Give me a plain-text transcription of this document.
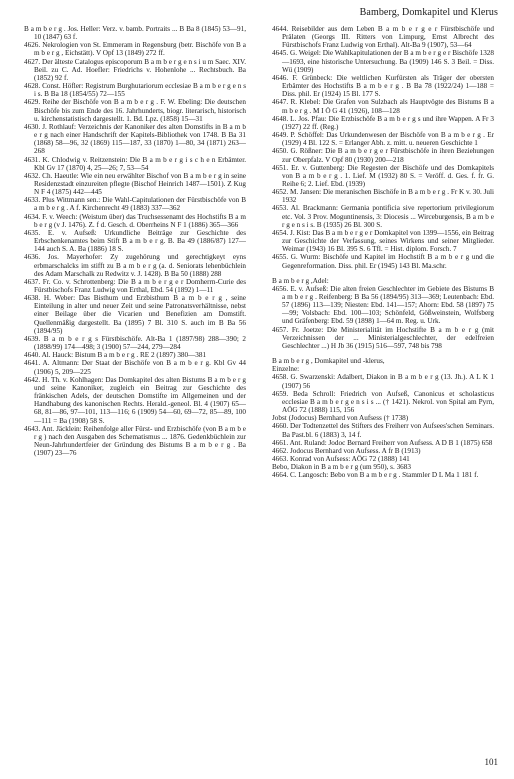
Bamberg, Domkapitel und Klerus

B a m b e r g . Jos. Heller: Verz. v. bamb. Portraits ... B Ba 8 (1845) 53—91, 10 (1847) 63 f.

4626. Nekrologien von St. Emmeram in Regensburg (betr. Bischöfe von B a m b e r g , Eichstätt). V Opf 13 (1849) 272 ff.

4627. Der älteste Catalogus episcoporum B a m b e r g e n s i u m Saec. XIV. Beil. zu C. Ad. Hoefler: Friedrichs v. Hohenlohe ... Rechtsbuch. Ba (1852) 92 f.

4628. Const. Höfler: Registrum Burghutariorum ecclesiae B a m b e r g e n s i s. B Ba 18 (1854/55) 72—155

4629. Reihe der Bischöfe von B a m b e r g . F. W. Ebeling: Die deutschen Bischöfe bis zum Ende des 16. Jahrhunderts, biogr. literarisch, historisch u. kirchenstatistisch dargestellt. 1. Bd. Lpz. (1858) 15—31

4630. J. Rothlauf: Verzeichnis der Kanoniker des alten Domstifts in B a m b e r g nach einer Handschrift der Kapitels-Bibliothek von 1748. B Ba 31 (1868) 58—96, 32 (1869) 115—187, 33 (1870) 1—80, 34 (1871) 263—268

4631. K. Chlodwig v. Reitzenstein: Die B a m b e r g i s c h e n Erbämter. Kbl Gv 17 (1870) 4, 25—26; 7, 53—54

4632. Ch. Haeutle: Wie ein neu erwählter Bischof von B a m b e r g in seine Residenzstadt einzureiten pflegte (Bischof Heinrich 1487—1501). Z Kug N F 4 (1875) 442—445

4633. Plus Wittmann sen.: Die Wahl-Capitulationen der Fürstbischöfe von B a m b e r g . A f. Kirchenrecht 49 (1883) 337—362

4634. F. v. Weech: (Weistum über) das Truchsessenamt des Hochstifts B a m b e r g (v J. 1476). Z. f d. Gesch. d. Oberrheins N F 1 (1886) 365—366

4635. E. v. Aufseß: Urkundliche Beiträge zur Geschichte des Erbschenkenamtes beim Stift B a m b e r g. B. Ba 49 (1886/87) 127—144 auch S. A. Ba (1886) 18 S.

4636. Jos. Mayerhofer: Zy zugehörung und gerechtigkeyt eyns erbmarschalcks im stifft zu B a m b e r g (a. d. Seniorats lehenbüchlein des Adam Marschalk zu Redwitz v. J. 1428). B Ba 50 (1888) 288

4637. Fr. Co. v. Schrottenberg: Die B a m b e r g e r Domherrn-Curie des Fürstbischofs Franz Ludwig von Erthal, Ebd. 54 (1892) 1—11

4638. H. Weber: Das Bisthum und Erzbisthum B a m b e r g , seine Einteilung in alter und neuer Zeit und seine Patronatsverhältnisse, nebst einer Beilage über die Vicarien und Benefizien am Domstift. Quellenmäßig dargestellt. Ba (1895) 7 Bl. 310 S. auch im B Ba 56 (1894/95)

4639. B a m b e r g s Fürstbischöfe. Alt-Ba 1 (1897/98) 288—390; 2 (1898/99) 174—498; 3 (1900) 57—244, 279—284

4640. Al. Hauck: Bistum B a m b e r g . RE 2 (1897) 380—381

4641. A. Altmann: Der Staat der Bischöfe von B a m b e r g. Kbl Gv 44 (1906) 5, 209—225

4642. H. Th. v. Kohlhagen: Das Domkapitel des alten Bistums B a m b e r g und seine Kanoniker, zugleich ein Beitrag zur Geschichte des fränkischen Adels, der deutschen Domstifte im Allgemeinen und der Handhabung des kanonischen Rechts. Herald.-geneol. Bl. 4 (1907) 65—68, 81—86, 97—101, 113—116; 6 (1909) 54—60, 69—72, 85—89, 100—111 = Ba (1908) 58 S.

4643. Ant. Jäcklein: Reihenfolge aller Fürst- und Erzbischöfe (von B a m b e r g ) nach den Ausgaben des Schematismus ... 1876. Gedenkbüchlein zur Neun-Jahrhundertfeier der Gründung des Bistums B a m b e r g . Ba (1907) 23—76

4644. Reisebilder aus dem Leben B a m b e r g e r Fürstbischöfe und Prälaten (Georgs III. Ritters von Limpurg, Ernst Albrecht des Fürstbischofs Franz Ludwig von Erthal). Alt-Ba 9 (1907), 53—64

4645. G. Weigel: Die Wahlkapitulationen der B a m b e r g e r Bischöfe 1328—1693, eine historische Untersuchung. Ba (1909) 146 S. 3 Beil. = Diss. Wü (1909)

4646. F. Grünbeck: Die weltlichen Kurfürsten als Träger der obersten Erbämter des Hochstifts B a m b e r g . B Ba 78 (1922/24) 1—188 = Diss. phil. Er (1924) 15 Bl. 177 S.

4647. R. Klebel: Die Grafen von Sulzbach als Hauptvögte des Bistums B a m b e r g . M I Ö G 41 (1926), 108—128

4648. L. Jos. Pfau: Die Erzbischöfe B a m b e r g s und ihre Wappen. A Fr 3 (1927) 22 ff. (Reg.)

4649. P. Schöffel: Das Urkundenwesen der Bischöfe von B a m b e r g . Er (1929) 4 Bl. 122 S. = Erlanger Abh. z. mitt. u. neueren Geschichte 1

4650. G. Rößner: Die B a m b e r g e r Fürstbischöfe in ihren Beziehungen zur Oberpfalz. V Opf 80 (1930) 200—218

4651. Er. v. Guttenberg: Die Regesten der Bischöfe und des Domkapitels von B a m b e r g . 1. Lief. M (1932) 80 S. = Veröff. d. Ges. f. fr. G. Reihe 6; 2. Lief. Ebd. (1939)

4652. M. Jansen: Die meranischen Bischöfe in B a m b e r g . Fr K v. 30. Juli 1932

4653. Al. Brackmann: Germania pontificia sive repertorium privilegiorum etc. Vol. 3 Prov. Moguntinensis, 3: Diocesis ... Wirceburgensis, B a m b e r g e n s i s. B (1935) 26 Bl. 300 S.

4654. J. Kist: Das B a m b e r g e r Domkapitel von 1399—1556, ein Beitrag zur Geschichte der Verfassung, seines Wirkens und seiner Mitglieder. Weimar (1943) 16 Bl. 395 S. 6 Tfl. = Hist. diplom. Forsch. 7

4655. G. Wurm: Bischöfe und Kapitel im Hochstift B a m b e r g und die Gegenreformation. Diss. phil. Er (1945) 143 Bl. Ma.schr.

B a m b e r g ,Adel:

4656. E. v. Aufseß: Die alten freien Geschlechter im Gebiete des Bistums B a m b e r g . Reifenberg: B Ba 56 (1894/95) 313—369; Leutenbach: Ebd. 57 (1896) 113—139; Niesten: Ebd. 141—157; Ahorn: Ebd. 58 (1897) 75—99; Volsbach: Ebd. 100—103; Schönfeld, Gößweinstein, Wolfsberg und Gräfenberg: Ebd. 59 (1898) 1—64 m. Reg. u. Urk.

4657. Fr. Joetze: Die Ministerialität im Hochstifte B a m b e r g (mit Verzeichnissen der ... Ministerialgeschlechter, der edelfreien Geschlechter ...) H Jb 36 (1915) 516—597, 748 bis 798

B a m b e r g , Domkapitel und -klerus,

Einzelne:

4658. G. Swarzenski: Adalbert, Diakon in B a m b e r g (13. Jh.). A L K 1 (1907) 56

4659. Beda Schroll: Friedrich von Aufseß, Canonicus et scholasticus ecclesiae B a m b e r g e n s i s ... († 1421). Nekrol. von Spital am Pyrn, AÖG 72 (1888) 115, 156

Jobst (Jodocus) Bernhard von Aufsess († 1738)

4660. Der Todtenzettel des Stifters des Freiherr von Aufsees'schen Seminars. Ba Past.bl. 6 (1883) 3, 14 f.

4661. Ant. Ruland: Jodoc Bernard Freiherr von Aufsess. A D B 1 (1875) 658

4662. Jodocus Bernhard von Aufsess. A fr B (1913)

4663. Konrad von Aufsess: AÖG 72 (1888) 141

Bebo, Diakon in B a m b e r g (um 950), s. 3683

4664. C. Langosch: Bebo von B a m b e r g . Stammler D L Ma 1 181 f.

101
